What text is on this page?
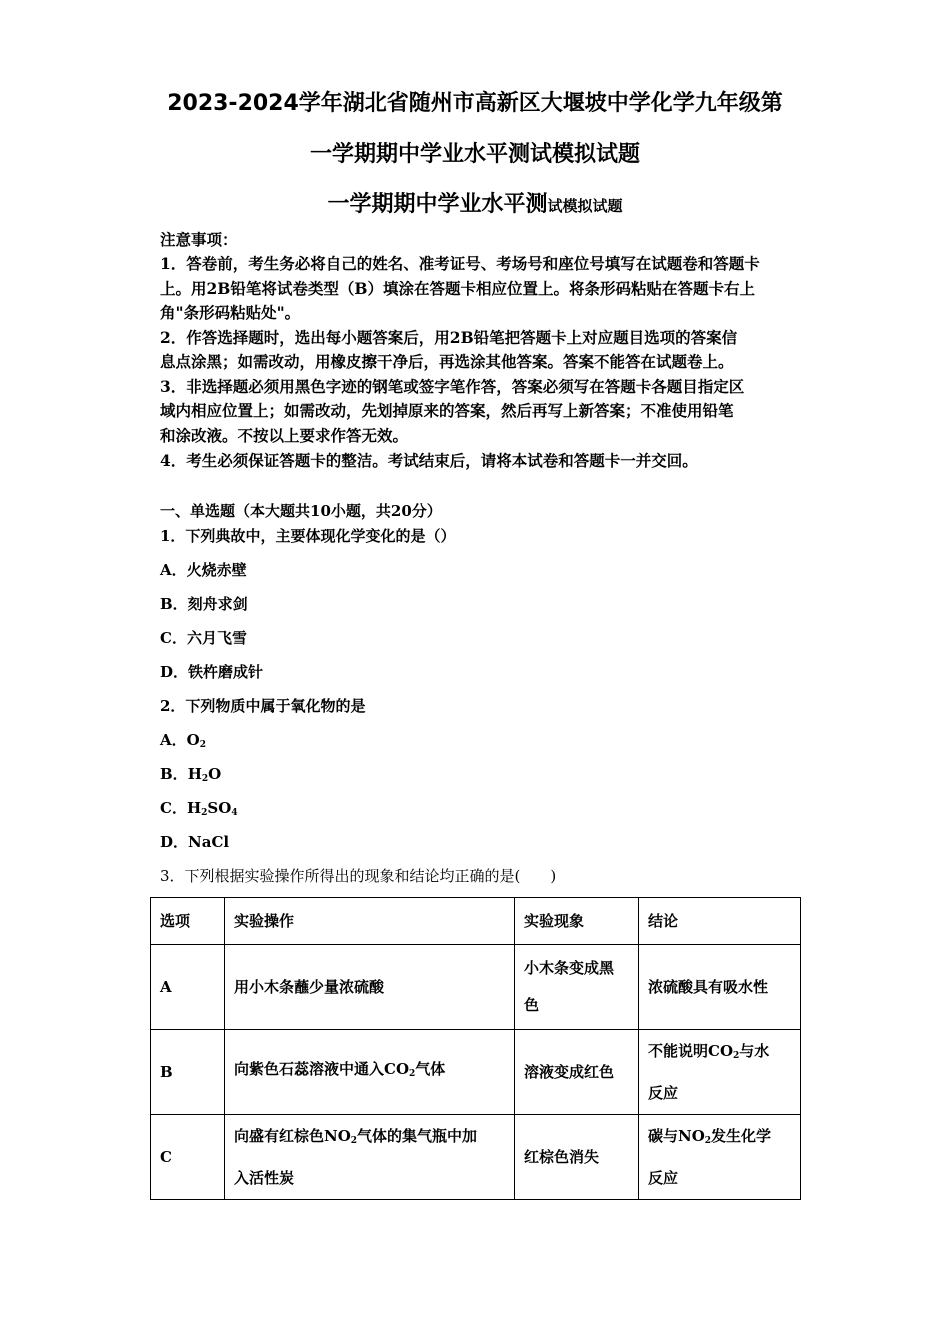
2023-2024学年湖北省随州市高新区大堰坡中学化学九年级第
一学期期中学业水平测试模拟试题
一学期期中学业水平测试模拟试题
注意事项：
1．答卷前，考生务必将自己的姓名、准考证号、考场号和座位号填写在试题卷和答题卡
上。用2B铅笔将试卷类型（B）填涂在答题卡相应位置上。将条形码粘贴在答题卡右上
角"条形码粘贴处"。
2．作答选择题时，选出每小题答案后，用2B铅笔把答题卡上对应题目选项的答案信
息点涂黑；如需改动，用橡皮擦干净后，再选涂其他答案。答案不能答在试题卷上。
3．非选择题必须用黑色字迹的钢笔或签字笔作答，答案必须写在答题卡各题目指定区
域内相应位置上；如需改动，先划掉原来的答案，然后再写上新答案；不准使用铅笔
和涂改液。不按以上要求作答无效。
4．考生必须保证答题卡的整洁。考试结束后，请将本试卷和答题卡一并交回。
一、单选题（本大题共10小题，共20分）
1．下列典故中，主要体现化学变化的是（）
A．火烧赤壁
B．刻舟求剑
C．六月飞雪
D．铁杵磨成针
2．下列物质中属于氧化物的是
A．$O_2$
B．$H_2O$
C．$H_2SO_4$
D．NaCl
3．下列根据实验操作所得出的现象和结论均正确的是(　　)
选项	实验操作	实验现象	结论
A	用小木条蘸少量浓硫酸	小木条变成黑
色	浓硫酸具有吸水性
B	向紫色石蕊溶液中通入$CO_2$气体	溶液变成红色	不能说明$CO_2$与水
反应
C	向盛有红棕色$NO_2$气体的集气瓶中加
入活性炭	红棕色消失	碳与$NO_2$发生化学
反应
